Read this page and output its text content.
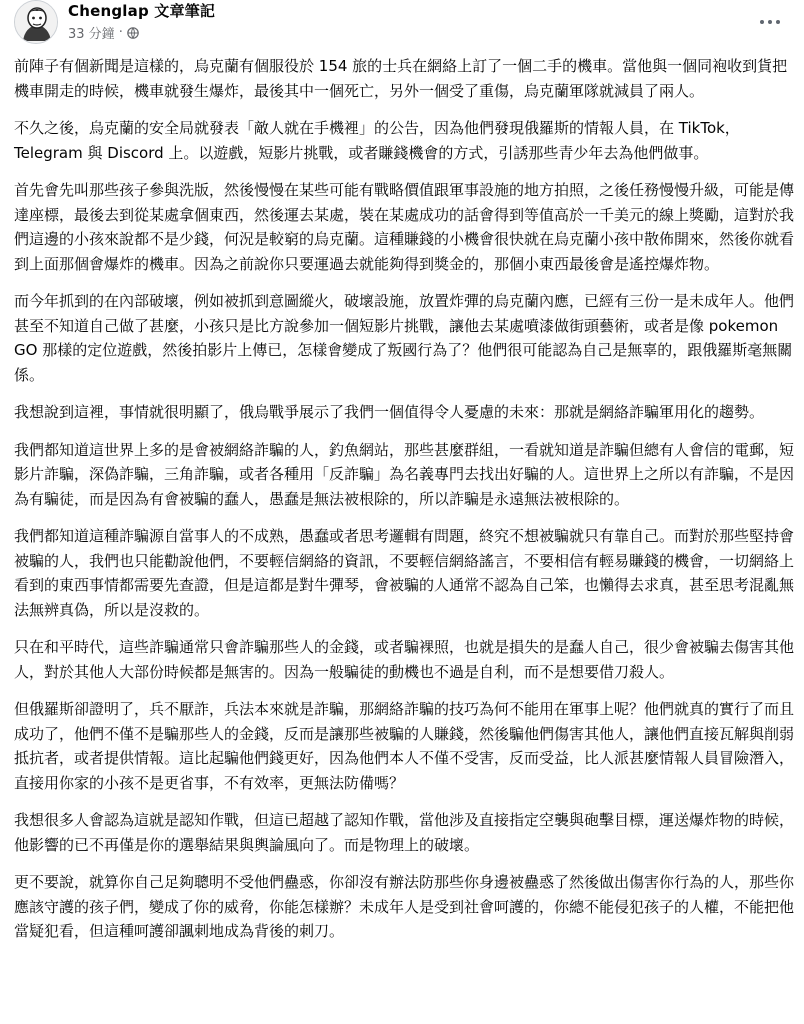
Chenglap 文章筆記
33 分鐘 ·

前陣子有個新聞是這樣的，烏克蘭有個服役於 154 旅的士兵在網絡上訂了一個二手的機車。當他與一個同袍收到貨把機車開走的時候，機車就發生爆炸，最後其中一個死亡，另外一個受了重傷，烏克蘭軍隊就減員了兩人。

不久之後，烏克蘭的安全局就發表「敵人就在手機裡」的公告，因為他們發現俄羅斯的情報人員，在 TikTok，Telegram 與 Discord 上。以遊戲，短影片挑戰，或者賺錢機會的方式，引誘那些青少年去為他們做事。

首先會先叫那些孩子參與洗版，然後慢慢在某些可能有戰略價值跟軍事設施的地方拍照，之後任務慢慢升級，可能是傳達座標，最後去到從某處拿個東西，然後運去某處，裝在某處成功的話會得到等值高於一千美元的線上獎勵，這對於我們這邊的小孩來說都不是少錢，何況是較窮的烏克蘭。這種賺錢的小機會很快就在烏克蘭小孩中散佈開來，然後你就看到上面那個會爆炸的機車。因為之前說你只要運過去就能夠得到獎金的，那個小東西最後會是遙控爆炸物。

而今年抓到的在內部破壞，例如被抓到意圖縱火，破壞設施，放置炸彈的烏克蘭內應，已經有三份一是未成年人。他們甚至不知道自己做了甚麼，小孩只是比方說參加一個短影片挑戰，讓他去某處噴漆做街頭藝術，或者是像 pokemon GO 那樣的定位遊戲，然後拍影片上傳已，怎樣會變成了叛國行為了？他們很可能認為自己是無辜的，跟俄羅斯毫無關係。

我想說到這裡，事情就很明顯了，俄烏戰爭展示了我們一個值得令人憂慮的未來：那就是網絡詐騙軍用化的趨勢。

我們都知道這世界上多的是會被網絡詐騙的人，釣魚網站，那些甚麼群組，一看就知道是詐騙但總有人會信的電郵，短影片詐騙，深偽詐騙，三角詐騙，或者各種用「反詐騙」為名義專門去找出好騙的人。這世界上之所以有詐騙，不是因為有騙徒，而是因為有會被騙的蠢人，愚蠢是無法被根除的，所以詐騙是永遠無法被根除的。

我們都知道這種詐騙源自當事人的不成熟，愚蠢或者思考邏輯有問題，終究不想被騙就只有靠自己。而對於那些堅持會被騙的人，我們也只能勸說他們，不要輕信網絡的資訊，不要輕信網絡謠言，不要相信有輕易賺錢的機會，一切網絡上看到的東西事情都需要先查證，但是這都是對牛彈琴，會被騙的人通常不認為自己笨，也懶得去求真，甚至思考混亂無法無辨真偽，所以是沒救的。

只在和平時代，這些詐騙通常只會詐騙那些人的金錢，或者騙裸照，也就是損失的是蠢人自己，很少會被騙去傷害其他人，對於其他人大部份時候都是無害的。因為一般騙徒的動機也不過是自利，而不是想要借刀殺人。

但俄羅斯卻證明了，兵不厭詐，兵法本來就是詐騙，那網絡詐騙的技巧為何不能用在軍事上呢？他們就真的實行了而且成功了，他們不僅不是騙那些人的金錢，反而是讓那些被騙的人賺錢，然後騙他們傷害其他人，讓他們直接瓦解與削弱抵抗者，或者提供情報。這比起騙他們錢更好，因為他們本人不僅不受害，反而受益，比人派甚麼情報人員冒險潛入，直接用你家的小孩不是更省事，不有效率，更無法防備嗎？

我想很多人會認為這就是認知作戰，但這已超越了認知作戰，當他涉及直接指定空襲與砲擊目標，運送爆炸物的時候，他影響的已不再僅是你的選舉結果與輿論風向了。而是物理上的破壞。

更不要說，就算你自己足夠聰明不受他們蠱惑，你卻沒有辦法防那些你身邊被蠱惑了然後做出傷害你行為的人，那些你應該守護的孩子們，變成了你的威脅，你能怎樣辦？未成年人是受到社會呵護的，你總不能侵犯孩子的人權，不能把他當疑犯看，但這種呵護卻諷刺地成為背後的刺刀。
